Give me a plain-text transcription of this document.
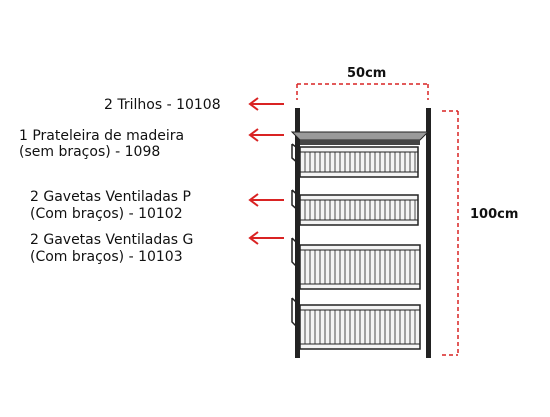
50cm
100cm
2 Trilhos - 10108
1 Prateleira de madeira
(sem braços) - 1098
2 Gavetas Ventiladas P
(Com braços) - 10102
2 Gavetas Ventiladas G
(Com braços) - 10103
